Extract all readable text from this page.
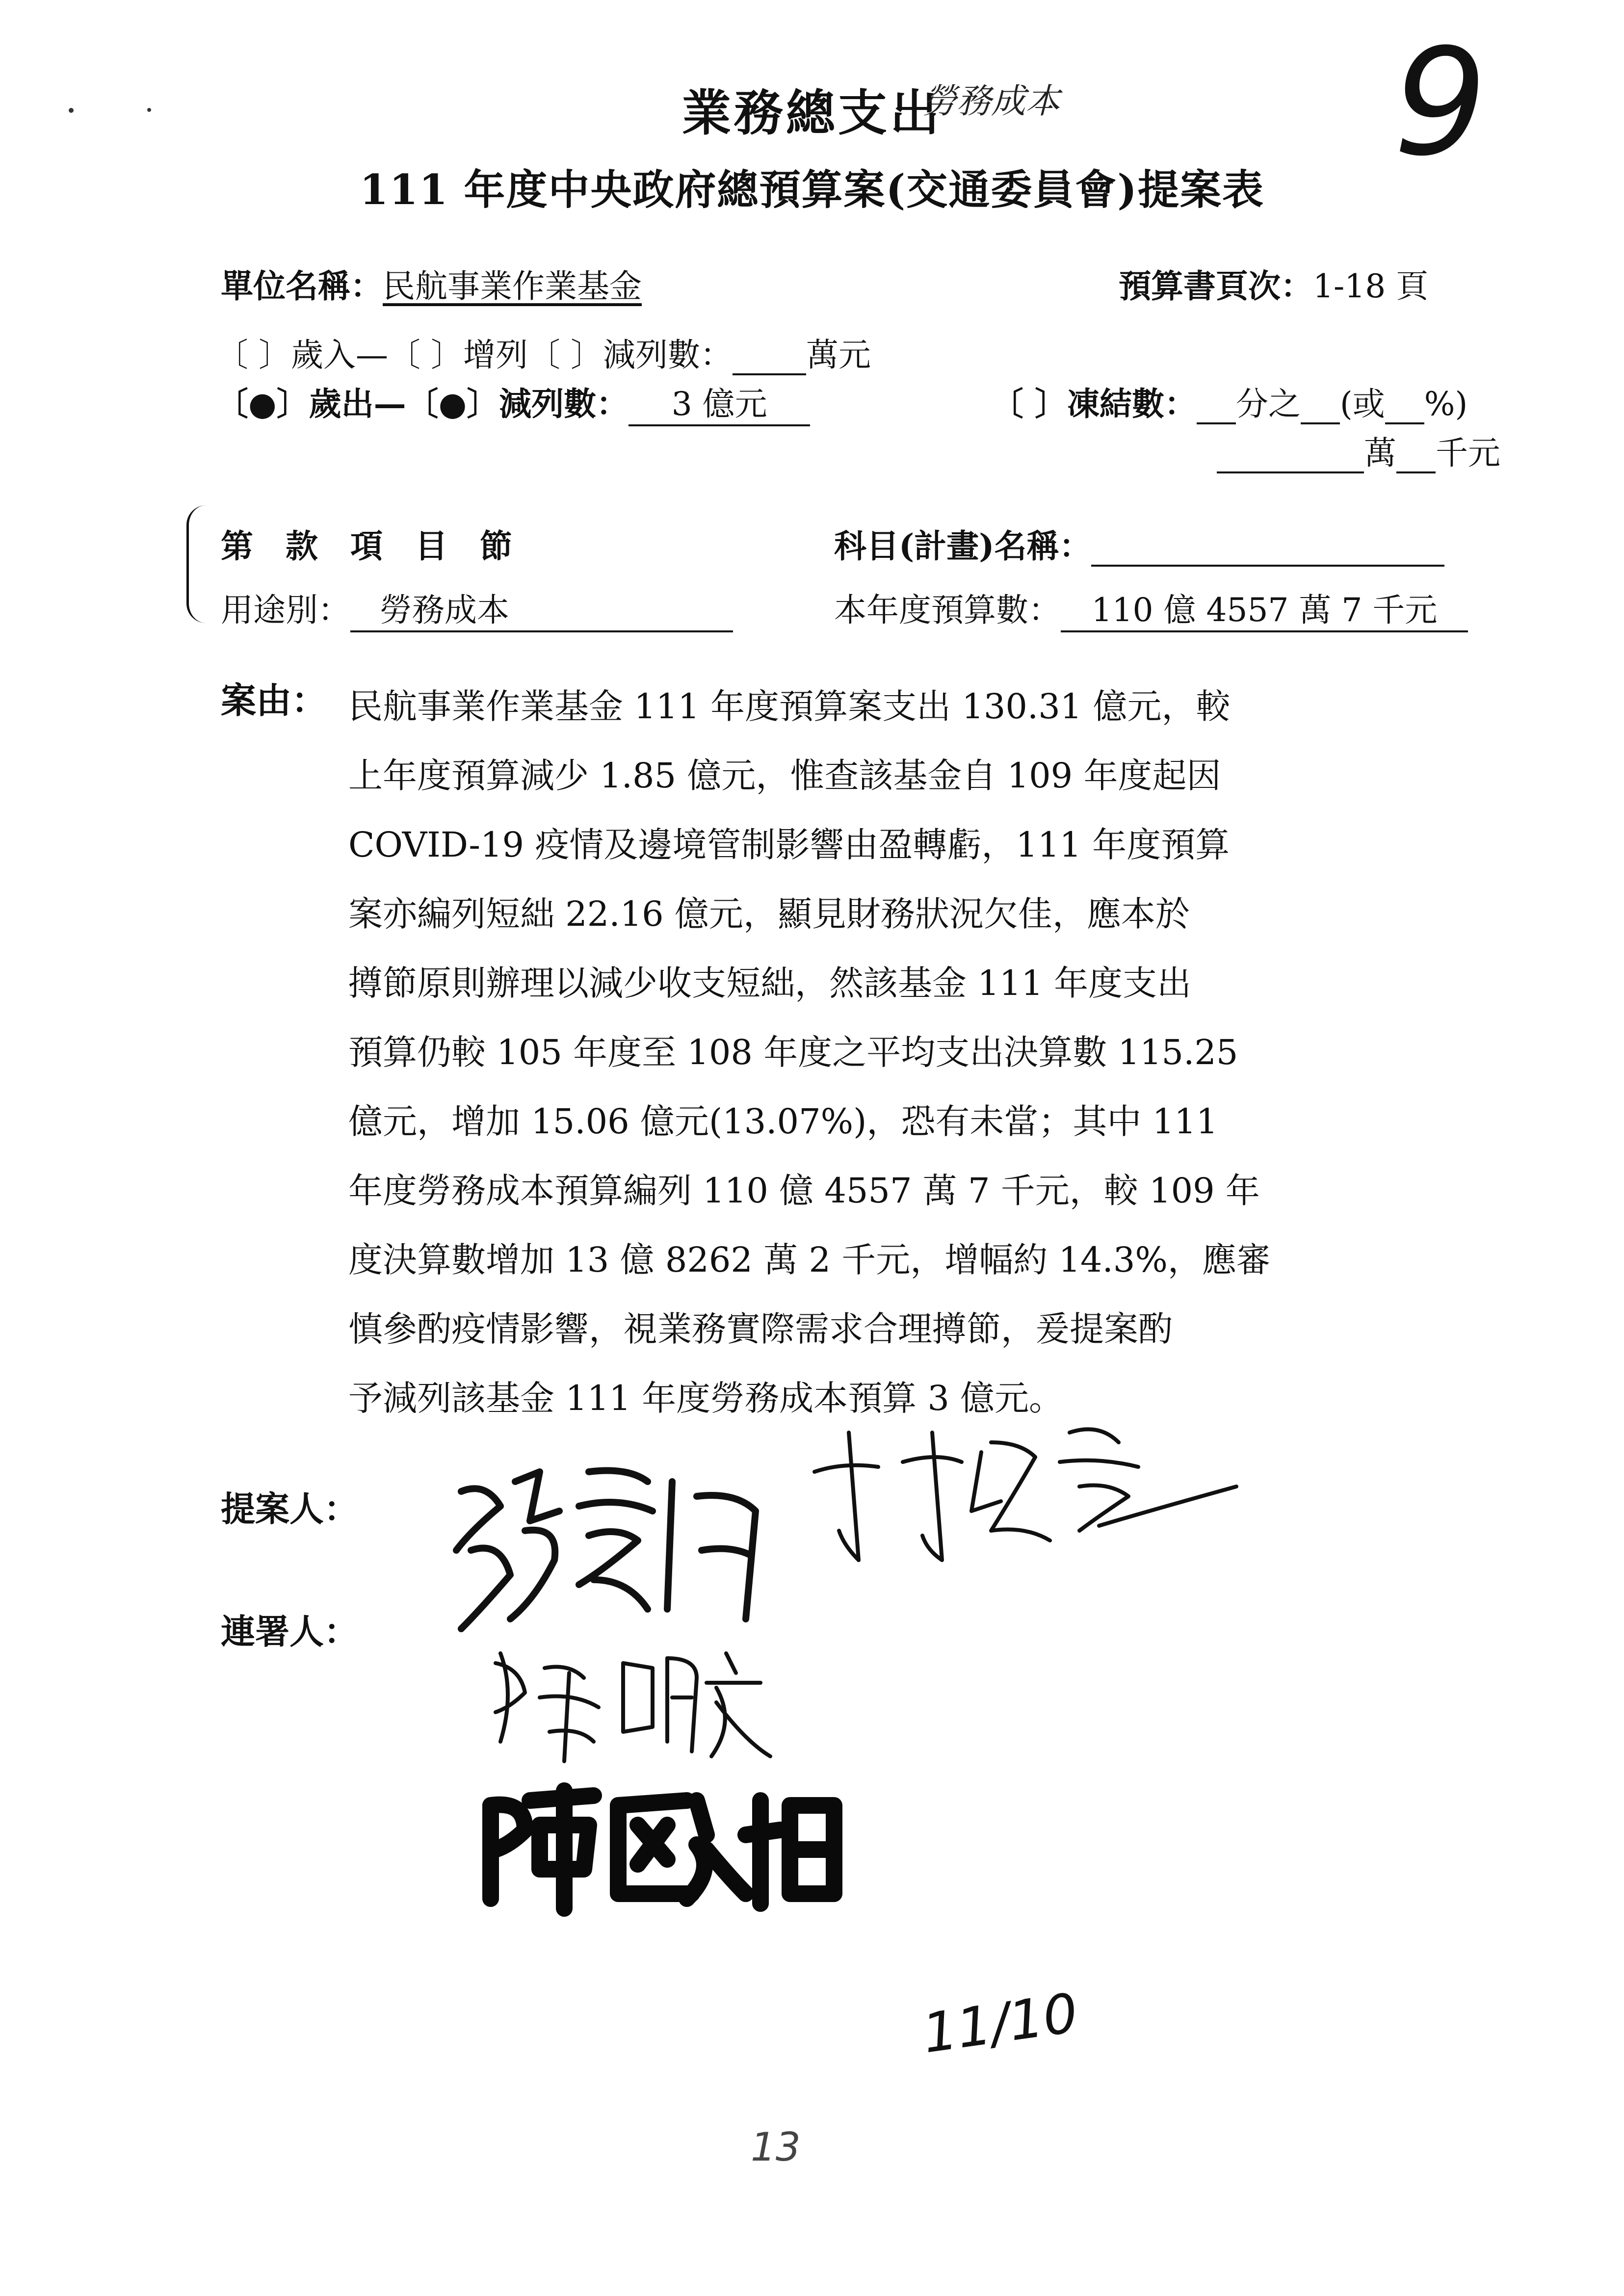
業務總支出
勞務成本 9
111 年度中央政府總預算案(交通委員會)提案表
單位名稱：民航事業作業基金	預算書頁次：1-18 頁
〔 〕歲入—〔 〕增列〔 〕減列數： 萬元
〔●〕歲出—〔●〕減列數： 3 億元	〔 〕凍結數： 分之 (或 %)
萬 千元
第　款　項　目　節	科目(計畫)名稱：
用途別： 勞務成本	本年度預算數： 110 億 4557 萬 7 千元
案由： 民航事業作業基金 111 年度預算案支出 130.31 億元，較

上年度預算減少 1.85 億元，惟查該基金自 109 年度起因

COVID-19 疫情及邊境管制影響由盈轉虧，111 年度預算

案亦編列短絀 22.16 億元，顯見財務狀況欠佳，應本於

撙節原則辦理以減少收支短絀，然該基金 111 年度支出

預算仍較 105 年度至 108 年度之平均支出決算數 115.25

億元，增加 15.06 億元(13.07%)，恐有未當；其中 111

年度勞務成本預算編列 110 億 4557 萬 7 千元，較 109 年

度決算數增加 13 億 8262 萬 2 千元，增幅約 14.3%，應審

慎參酌疫情影響，視業務實際需求合理撙節，爰提案酌

予減列該基金 111 年度勞務成本預算 3 億元。

提案人：
連署人：
11/10
13
